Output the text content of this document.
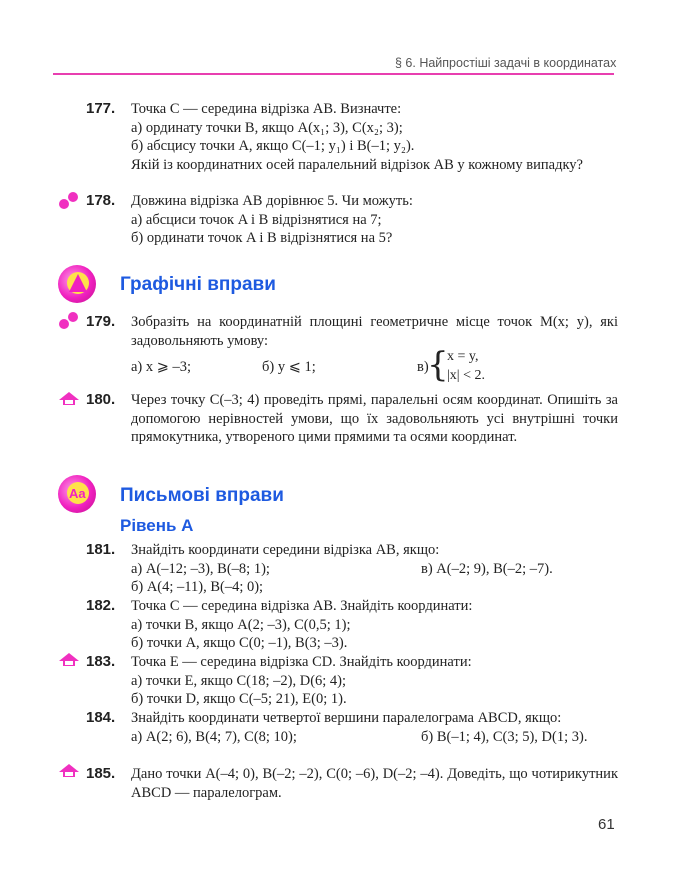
§ 6. Найпростіші задачі в координатах
177. Точка C — середина відрізка AB. Визначте:
а) ординату точки B, якщо A(x₁; 3), C(x₂; 3);
б) абсцису точки A, якщо C(–1; y₁) і B(–1; y₂).
Якій із координатних осей паралельний відрізок AB у кожному випадку?
178. Довжина відрізка AB дорівнює 5. Чи можуть:
а) абсциси точок A і B відрізнятися на 7;
б) ординати точок A і B відрізнятися на 5?
Графічні вправи
179. Зобразіть на координатній площині геометричне місце точок M(x; y), які задовольняють умову:
а) x ⩾ –3;	б) y ⩽ 1;	в)
{
x = y,
|x| < 2.
180. Через точку C(–3; 4) проведіть прямі, паралельні осям координат. Опишіть за допомогою нерівностей умови, що їх задовольняють усі внутрішні точки прямокутника, утвореного цими прямими та осями координат.
Aa Письмові вправи
Рівень А
181. Знайдіть координати середини відрізка AB, якщо:
а) A(–12; –3), B(–8; 1);	в) A(–2; 9), B(–2; –7).
б) A(4; –11), B(–4; 0);
182. Точка C — середина відрізка AB. Знайдіть координати:
а) точки B, якщо A(2; –3), C(0,5; 1);
б) точки A, якщо C(0; –1), B(3; –3).
183. Точка E — середина відрізка CD. Знайдіть координати:
а) точки E, якщо C(18; –2), D(6; 4);
б) точки D, якщо C(–5; 21), E(0; 1).
184. Знайдіть координати четвертої вершини паралелограма ABCD, якщо:
а) A(2; 6), B(4; 7), C(8; 10);	б) B(–1; 4), C(3; 5), D(1; 3).
185. Дано точки A(–4; 0), B(–2; –2), C(0; –6), D(–2; –4). Доведіть, що чотирикутник ABCD — паралелограм.
61
